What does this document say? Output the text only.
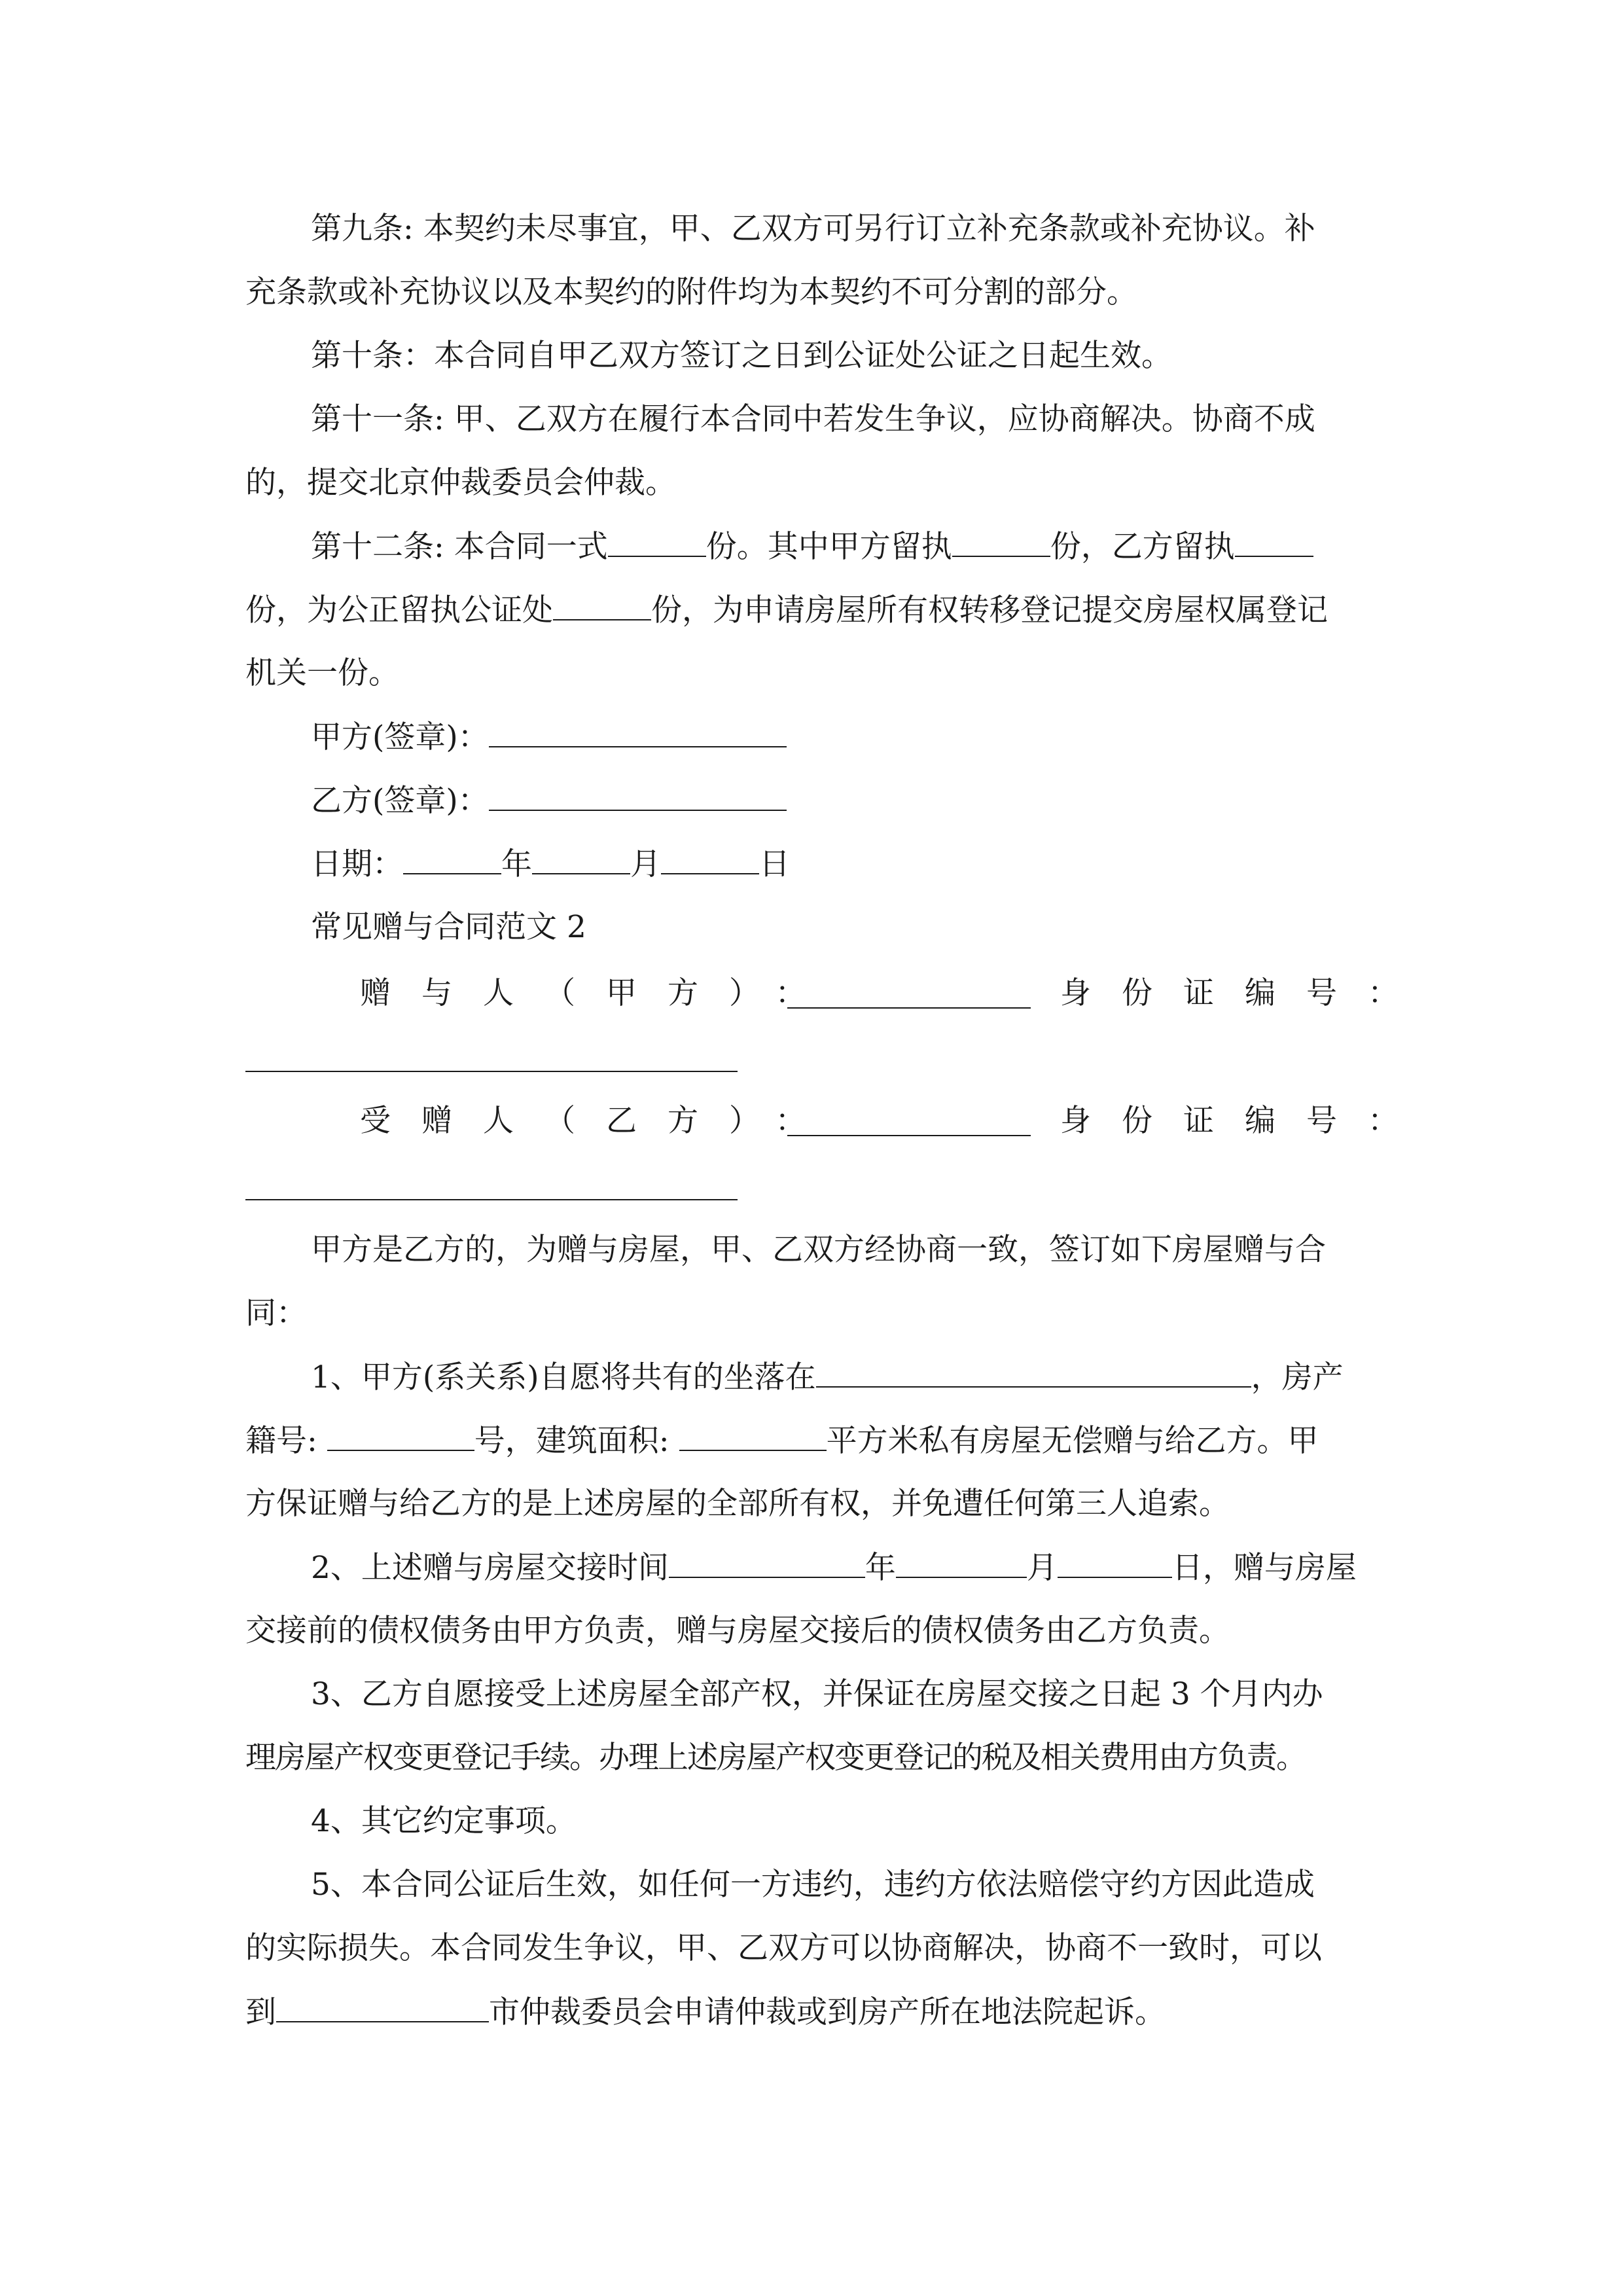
第九条: 本契约未尽事宜，甲、乙双方可另行订立补充条款或补充协议。补
充条款或补充协议以及本契约的附件均为本契约不可分割的部分。
第十条：本合同自甲乙双方签订之日到公证处公证之日起生效。
第十一条: 甲、乙双方在履行本合同中若发生争议，应协商解决。协商不成
的，提交北京仲裁委员会仲裁。
第十二条: 本合同一式	份。其中甲方留执	份，乙方留执
份，为公正留执公证处	份，为申请房屋所有权转移登记提交房屋权属登记
机关一份。
甲方(签章)：
乙方(签章)：
日期：	年	月	日
常见赠与合同范文 2
赠与人（甲方）：	身份证编号：
受赠人（乙方）：	身份证编号：
甲方是乙方的，为赠与房屋，甲、乙双方经协商一致，签订如下房屋赠与合
同：
1、甲方(系关系)自愿将共有的坐落在	，房产
籍号:	号，建筑面积:	平方米私有房屋无偿赠与给乙方。甲
方保证赠与给乙方的是上述房屋的全部所有权，并免遭任何第三人追索。
2、上述赠与房屋交接时间	年	月	日，赠与房屋
交接前的债权债务由甲方负责，赠与房屋交接后的债权债务由乙方负责。
3、乙方自愿接受上述房屋全部产权，并保证在房屋交接之日起 3 个月内办
理房屋产权变更登记手续。办理上述房屋产权变更登记的税及相关费用由方负责。
4、其它约定事项。
5、本合同公证后生效，如任何一方违约，违约方依法赔偿守约方因此造成
的实际损失。本合同发生争议，甲、乙双方可以协商解决，协商不一致时，可以
到	市仲裁委员会申请仲裁或到房产所在地法院起诉。
